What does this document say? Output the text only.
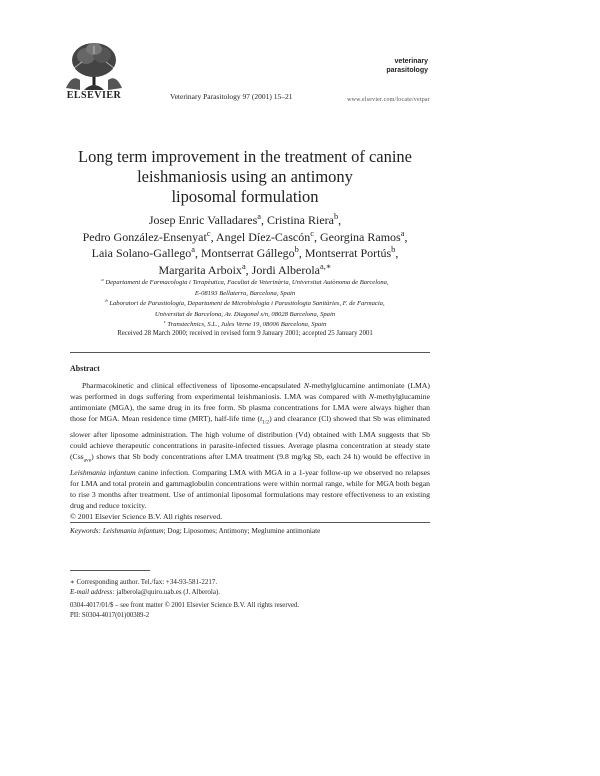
ELSEVIER	Veterinary Parasitology 97 (2001) 15–21
veterinary
parasitology
www.elsevier.com/locate/vetpar
Long term improvement in the treatment of canine
leishmaniosis using an antimony
liposomal formulation
Josep Enric Valladares$^a$, Cristina Riera$^b$,
Pedro González-Ensenyat$^c$, Angel Díez-Cascón$^c$, Georgina Ramos$^a$,
Laia Solano-Gallego$^a$, Montserrat Gállego$^b$, Montserrat Portús$^b$,
Margarita Arboix$^a$, Jordi Alberola$^{a,∗}$
$^a$ Departament de Farmacologia i Terapèutica, Facultat de Veterinària, Universitat Autònoma de Barcelona,
E-08193 Bellaterra, Barcelona, Spain
$^b$ Laboratori de Parasitologia, Departament de Microbiologia i Parasitologia Sanitàries, F. de Farmacia,
Universitat de Barcelona, Av. Diagonal s/n, 08028 Barcelona, Spain
$^c$ Transtechnics, S.L., Jules Verne 19, 08006 Barcelona, Spain
Received 28 March 2000; received in revised form 9 January 2001; accepted 25 January 2001
Abstract
Pharmacokinetic and clinical effectiveness of liposome-encapsulated N-methylglucamine antimoniate (LMA) was performed in dogs suffering from experimental leishmaniosis. LMA was compared with N-methylglucamine antimoniate (MGA), the same drug in its free form. Sb plasma concentrations for LMA were always higher than those for MGA. Mean residence time (MRT), half-life time $(t_{1/2})$ and clearance (Cl) showed that Sb was eliminated slower after liposome administration. The high volume of distribution (Vd) obtained with LMA suggests that Sb could achieve therapeutic concentrations in parasite-infected tissues. Average plasma concentration at steady state (Css$_{ave}$) shows that Sb body concentrations after LMA treatment (9.8 mg/kg Sb, each 24 h) would be effective in Leishmania infantum canine infection. Comparing LMA with MGA in a 1-year follow-up we observed no relapses for LMA and total protein and gammaglobulin concentrations were within normal range, while for MGA both began to rise 3 months after treatment. Use of antimonial liposomal formulations may restore effectiveness to an existing drug and reduce toxicity.
© 2001 Elsevier Science B.V. All rights reserved.
Keywords: Leishmania infantum; Dog; Liposomes; Antimony; Meglumine antimoniate
∗ Corresponding author. Tel./fax: +34-93-581-2217.
E-mail address: jalberola@quiro.uab.es (J. Alberola).
0304-4017/01/$ – see front matter © 2001 Elsevier Science B.V. All rights reserved.
PII: S0304-4017(01)00389-2
